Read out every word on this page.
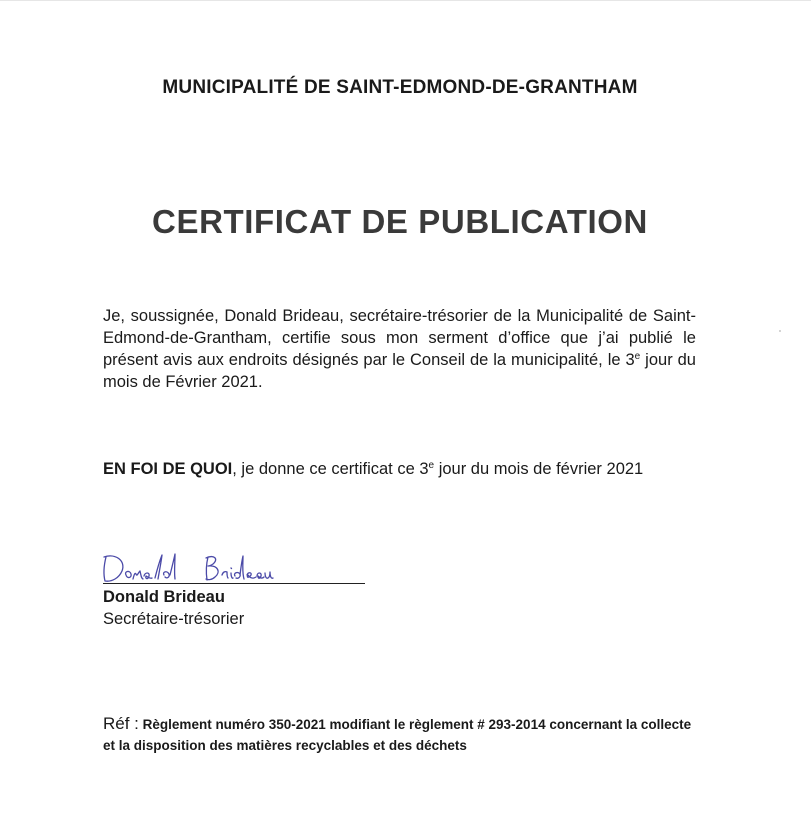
MUNICIPALITÉ DE SAINT-EDMOND-DE-GRANTHAM
CERTIFICAT DE PUBLICATION
Je, soussignée, Donald Brideau, secrétaire-trésorier de la Municipalité de Saint-Edmond-de-Grantham, certifie sous mon serment d’office que j’ai publié le présent avis aux endroits désignés par le Conseil de la municipalité, le 3e jour du mois de Février 2021.
EN FOI DE QUOI, je donne ce certificat ce 3e jour du mois de février 2021
Donald Brideau
Secrétaire-trésorier
Réf : Règlement numéro 350-2021 modifiant le règlement # 293-2014 concernant la collecte et la disposition des matières recyclables et des déchets
